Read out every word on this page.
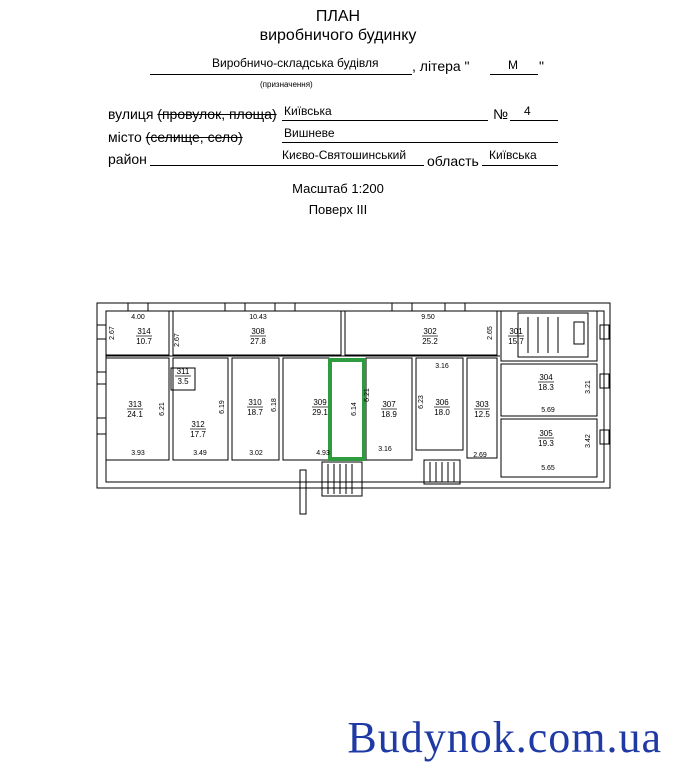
ПЛАН
виробничого будинку
Виробничо-складська будівля , літера "	М "
(призначення)
вулиця (провулок, площа) Київська	№ 4
місто (селище, село)	Вишневе
район	Києво-Святошинський область Київська
Масштаб 1:200
Поверх III
314
10.7
308
27.8
302
25.2
301
15.7
311
3.5
313
24.1
312
17.7
310
18.7
309
29.1
307
18.9
306
18.0
303
12.5
304
18.3
305
19.3
4.00	10.43	9.50
2.67
2.67
2.65
6.21	6.19	6.18	6.14
6.21
6.23
3.16
3.16
3.21
3.42
5.69
5.65
3.93	3.49	3.02	4.93	2.69
Budynok.com.ua
